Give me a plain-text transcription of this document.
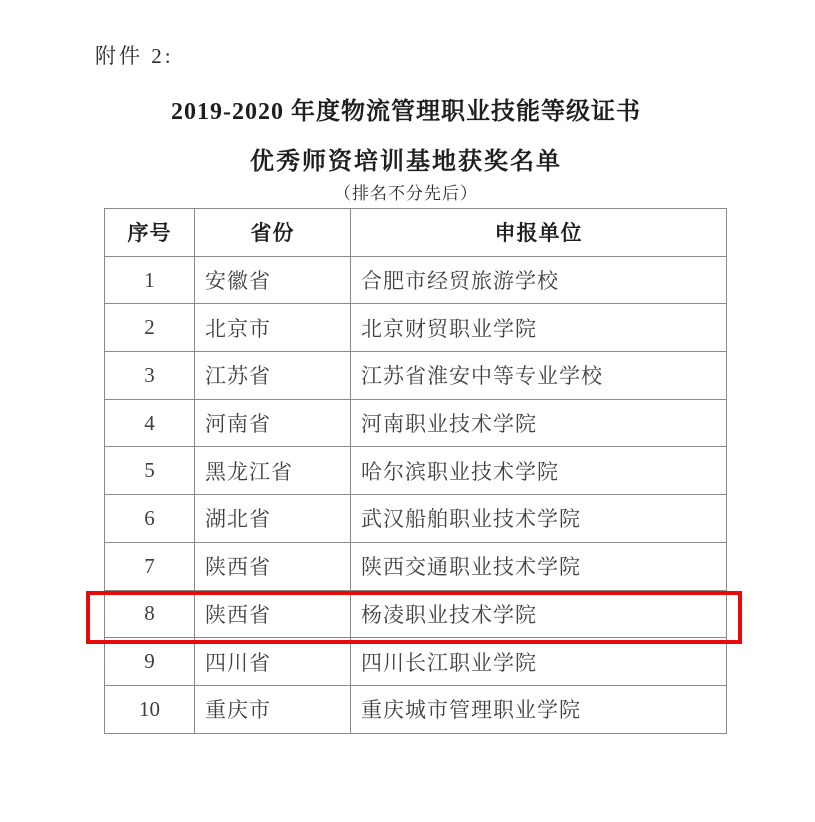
附件 2:
2019-2020 年度物流管理职业技能等级证书
优秀师资培训基地获奖名单
（排名不分先后）
序号	省份	申报单位
1	安徽省	合肥市经贸旅游学校
2	北京市	北京财贸职业学院
3	江苏省	江苏省淮安中等专业学校
4	河南省	河南职业技术学院
5	黑龙江省	哈尔滨职业技术学院
6	湖北省	武汉船舶职业技术学院
7	陕西省	陕西交通职业技术学院
8	陕西省	杨凌职业技术学院
9	四川省	四川长江职业学院
10	重庆市	重庆城市管理职业学院
